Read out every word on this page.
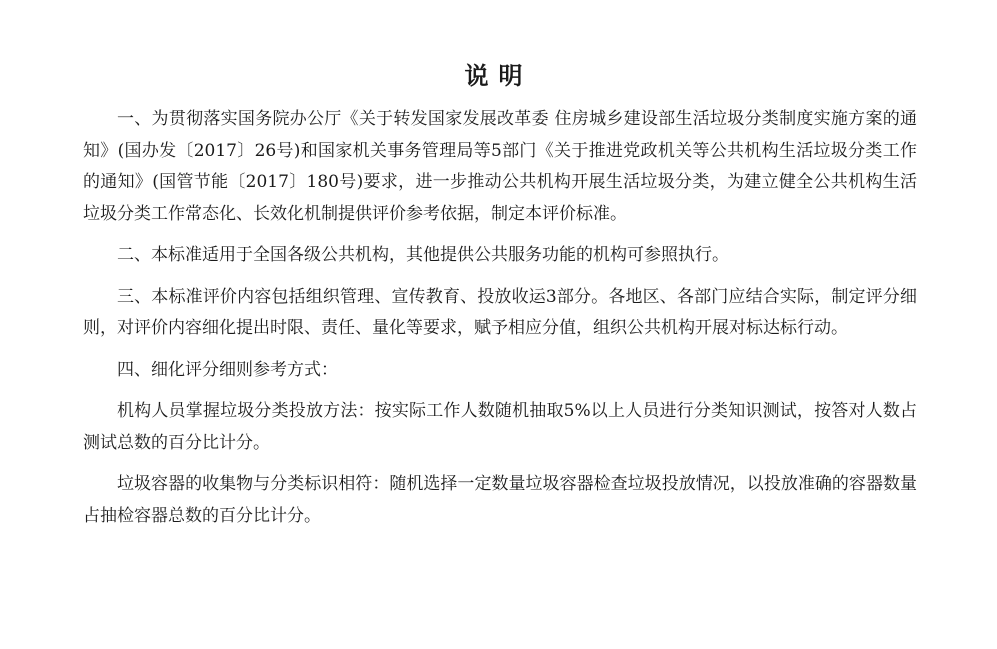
说明

一、为贯彻落实国务院办公厅《关于转发国家发展改革委 住房城乡建设部生活垃圾分类制度实施方案的通知》(国办发〔2017〕26号)和国家机关事务管理局等5部门《关于推进党政机关等公共机构生活垃圾分类工作的通知》(国管节能〔2017〕180号)要求，进一步推动公共机构开展生活垃圾分类，为建立健全公共机构生活垃圾分类工作常态化、长效化机制提供评价参考依据，制定本评价标准。

二、本标准适用于全国各级公共机构，其他提供公共服务功能的机构可参照执行。

三、本标准评价内容包括组织管理、宣传教育、投放收运3部分。各地区、各部门应结合实际，制定评分细则，对评价内容细化提出时限、责任、量化等要求，赋予相应分值，组织公共机构开展对标达标行动。

四、细化评分细则参考方式：

机构人员掌握垃圾分类投放方法：按实际工作人数随机抽取5%以上人员进行分类知识测试，按答对人数占测试总数的百分比计分。

垃圾容器的收集物与分类标识相符：随机选择一定数量垃圾容器检查垃圾投放情况，以投放准确的容器数量占抽检容器总数的百分比计分。
